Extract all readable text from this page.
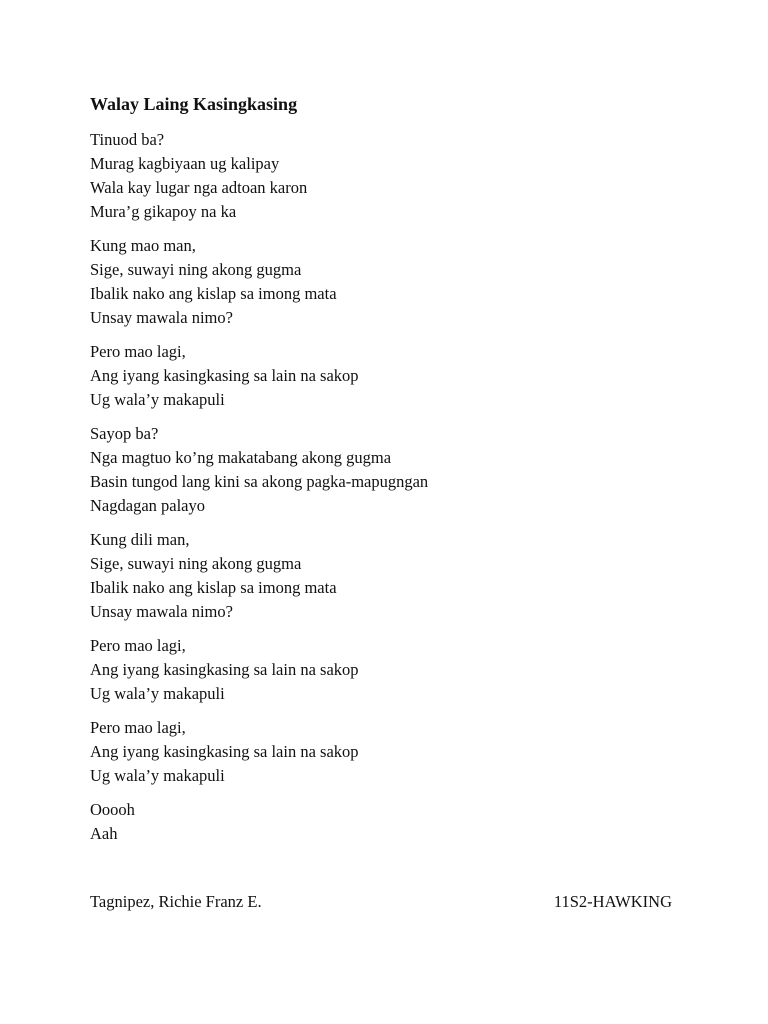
Walay Laing Kasingkasing
Tinuod ba?
Murag kagbiyaan ug kalipay
Wala kay lugar nga adtoan karon
Mura’g gikapoy na ka
Kung mao man,
Sige, suwayi ning akong gugma
Ibalik nako ang kislap sa imong mata
Unsay mawala nimo?
Pero mao lagi,
Ang iyang kasingkasing sa lain na sakop
Ug wala’y makapuli
Sayop ba?
Nga magtuo ko’ng makatabang akong gugma
Basin tungod lang kini sa akong pagka-mapugngan
Nagdagan palayo
Kung dili man,
Sige, suwayi ning akong gugma
Ibalik nako ang kislap sa imong mata
Unsay mawala nimo?
Pero mao lagi,
Ang iyang kasingkasing sa lain na sakop
Ug wala’y makapuli
Pero mao lagi,
Ang iyang kasingkasing sa lain na sakop
Ug wala’y makapuli
Ooooh
Aah
Tagnipez, Richie Franz E.	11S2-HAWKING
